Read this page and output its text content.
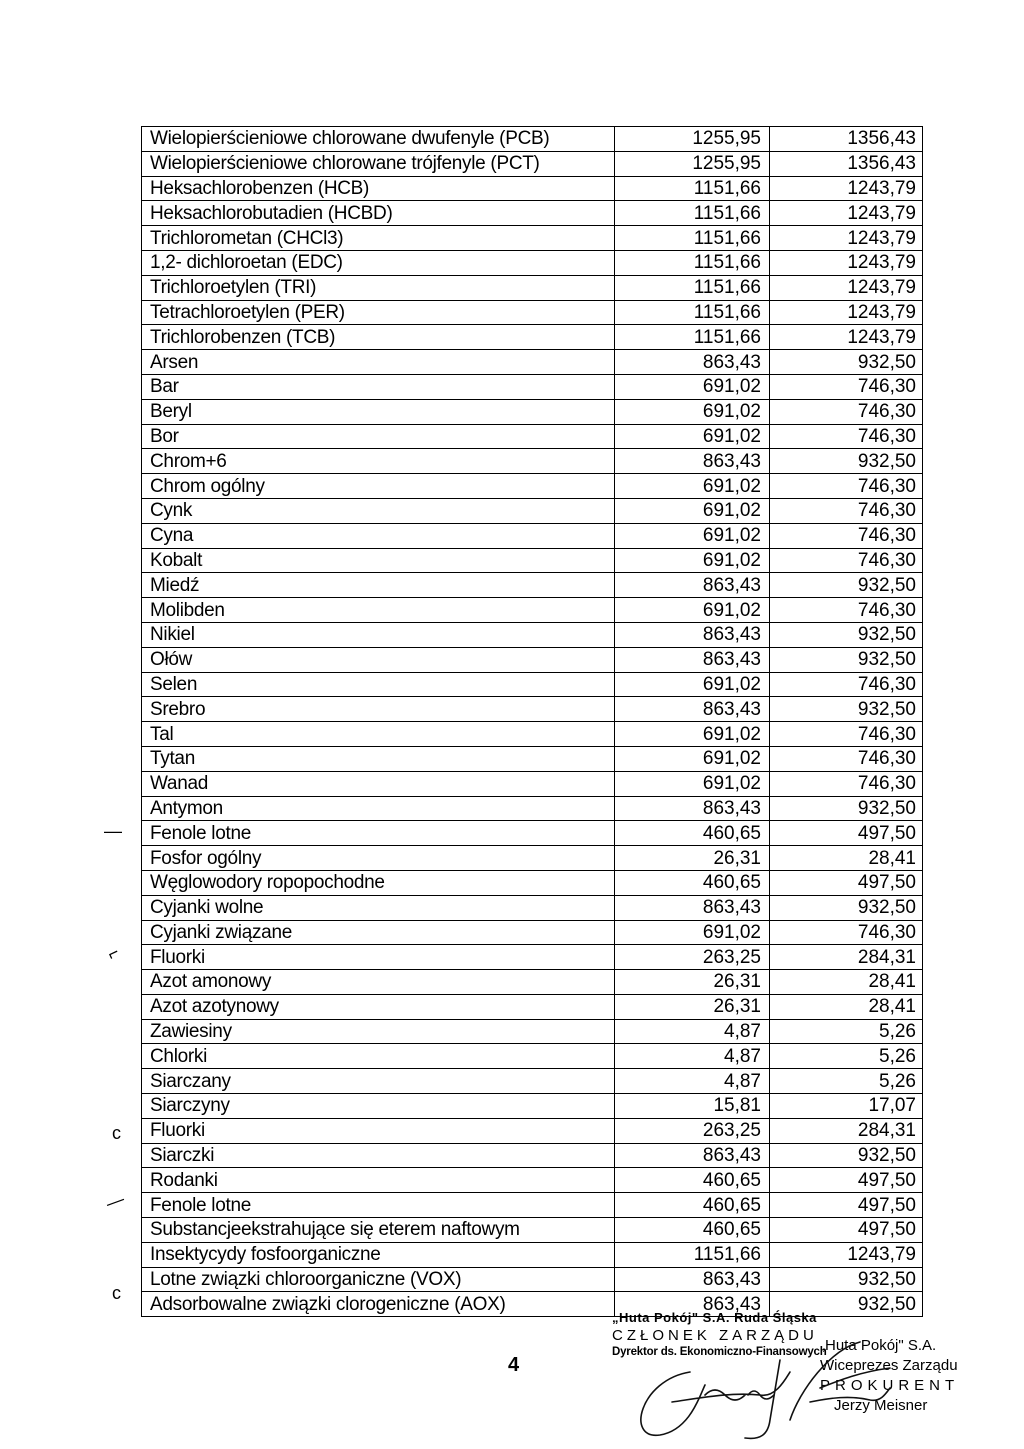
Wielopierścieniowe chlorowane dwufenyle (PCB)	1255,95	1356,43
Wielopierścieniowe chlorowane trójfenyle (PCT)	1255,95	1356,43
Heksachlorobenzen (HCB)	1151,66	1243,79
Heksachlorobutadien (HCBD)	1151,66	1243,79
Trichlorometan (CHCl3)	1151,66	1243,79
1,2- dichloroetan (EDC)	1151,66	1243,79
Trichloroetylen (TRI)	1151,66	1243,79
Tetrachloroetylen (PER)	1151,66	1243,79
Trichlorobenzen (TCB)	1151,66	1243,79
Arsen	863,43	932,50
Bar	691,02	746,30
Beryl	691,02	746,30
Bor	691,02	746,30
Chrom+6	863,43	932,50
Chrom ogólny	691,02	746,30
Cynk	691,02	746,30
Cyna	691,02	746,30
Kobalt	691,02	746,30
Miedź	863,43	932,50
Molibden	691,02	746,30
Nikiel	863,43	932,50
Ołów	863,43	932,50
Selen	691,02	746,30
Srebro	863,43	932,50
Tal	691,02	746,30
Tytan	691,02	746,30
Wanad	691,02	746,30
Antymon	863,43	932,50
Fenole lotne	460,65	497,50
Fosfor ogólny	26,31	28,41
Węglowodory ropopochodne	460,65	497,50
Cyjanki wolne	863,43	932,50
Cyjanki związane	691,02	746,30
Fluorki	263,25	284,31
Azot amonowy	26,31	28,41
Azot azotynowy	26,31	28,41
Zawiesiny	4,87	5,26
Chlorki	4,87	5,26
Siarczany	4,87	5,26
Siarczyny	15,81	17,07
Fluorki	263,25	284,31
Siarczki	863,43	932,50
Rodanki	460,65	497,50
Fenole lotne	460,65	497,50
Substancjeekstrahujące się eterem naftowym	460,65	497,50
Insektycydy fosfoorganiczne	1151,66	1243,79
Lotne związki chloroorganiczne (VOX)	863,43	932,50
Adsorbowalne związki clorogeniczne (AOX)	863,43	932,50
—
⌐
ᴄ
—
ᴄ
4
„Huta Pokój" S.A. Ruda Śląska
CZŁONEK ZARZĄDU
Dyrektor ds. Ekonomiczno-Finansowych
„Huta Pokój" S.A.
Wiceprezes Zarządu
PROKURENT
Jerzy Meisner
